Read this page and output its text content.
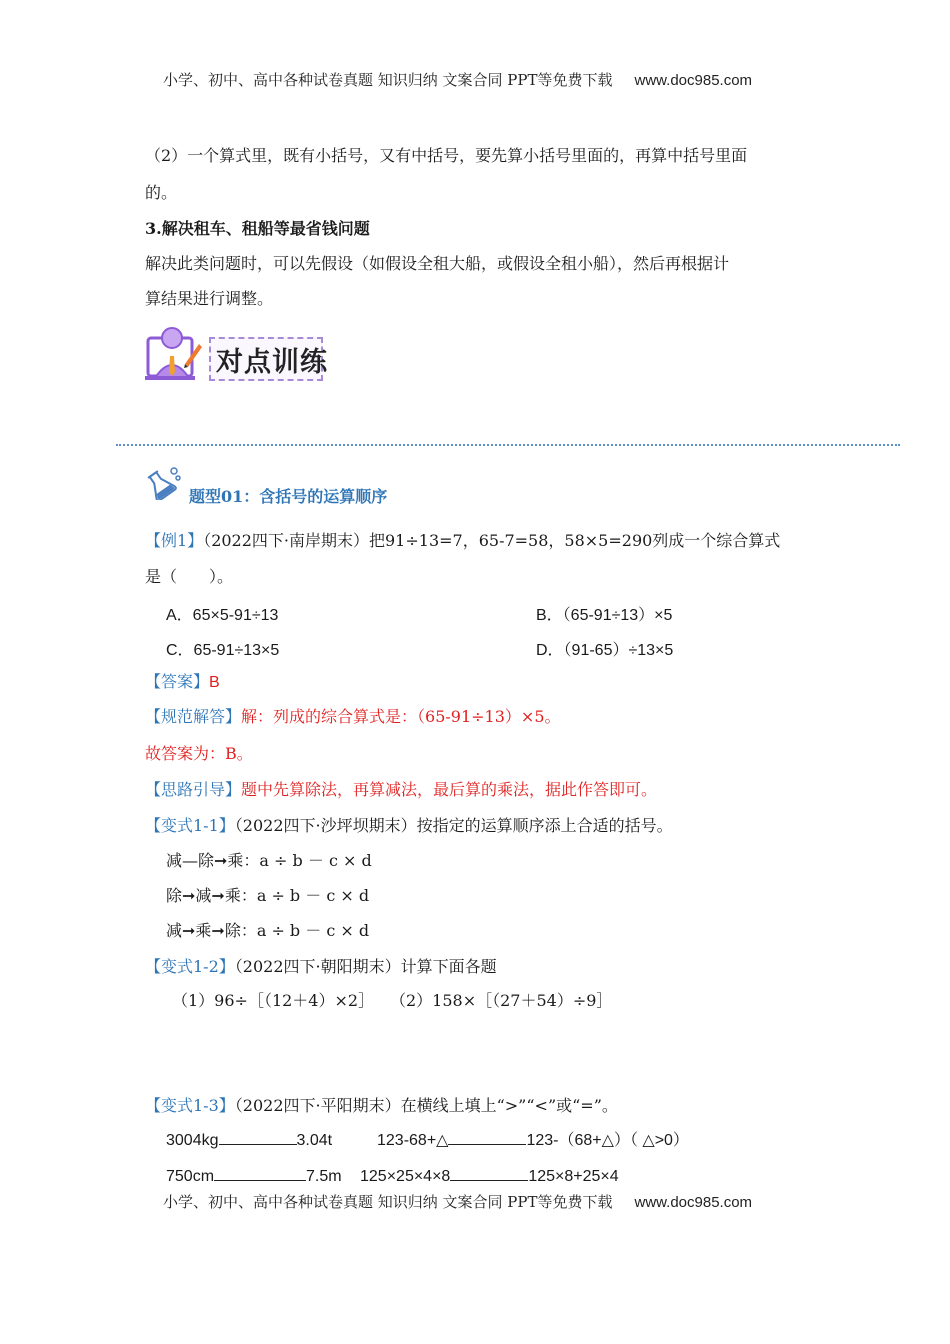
小学、初中、高中各种试卷真题 知识归纳 文案合同 PPT等免费下载 www.doc985.com
（2）一个算式里，既有小括号，又有中括号，要先算小括号里面的，再算中括号里面
的。
3.解决租车、租船等最省钱问题
解决此类问题时，可以先假设（如假设全租大船，或假设全租小船），然后再根据计
算结果进行调整。
对点训练
题型01：含括号的运算顺序
【例1】（2022四下·南岸期末）把91÷13=7，65-7=58，58×5=290列成一个综合算式
是（　　）。
A．65×5-91÷13	B．（65-91÷13）×5
C．65-91÷13×5	D．（91-65）÷13×5
【答案】B
【规范解答】解：列成的综合算式是：（65-91÷13）×5。
故答案为：B。
【思路引导】题中先算除法，再算减法，最后算的乘法，据此作答即可。
【变式1-1】（2022四下·沙坪坝期末）按指定的运算顺序添上合适的括号。
减—除➞乘：a ÷ b － c × d
除➞减➞乘：a ÷ b － c × d
减➞乘➞除：a ÷ b － c × d
【变式1-2】（2022四下·朝阳期末）计算下面各题
（1）96÷［（12＋4）×2］ （2）158×［（27＋54）÷9］
【变式1-3】（2022四下·平阳期末）在横线上填上“>”“<”或“=”。
3004kg	3.04t	123-68+△	123-（68+△）（ △>0）
750cm	7.5m 125×25×4×8	125×8+25×4
小学、初中、高中各种试卷真题 知识归纳 文案合同 PPT等免费下载 www.doc985.com
